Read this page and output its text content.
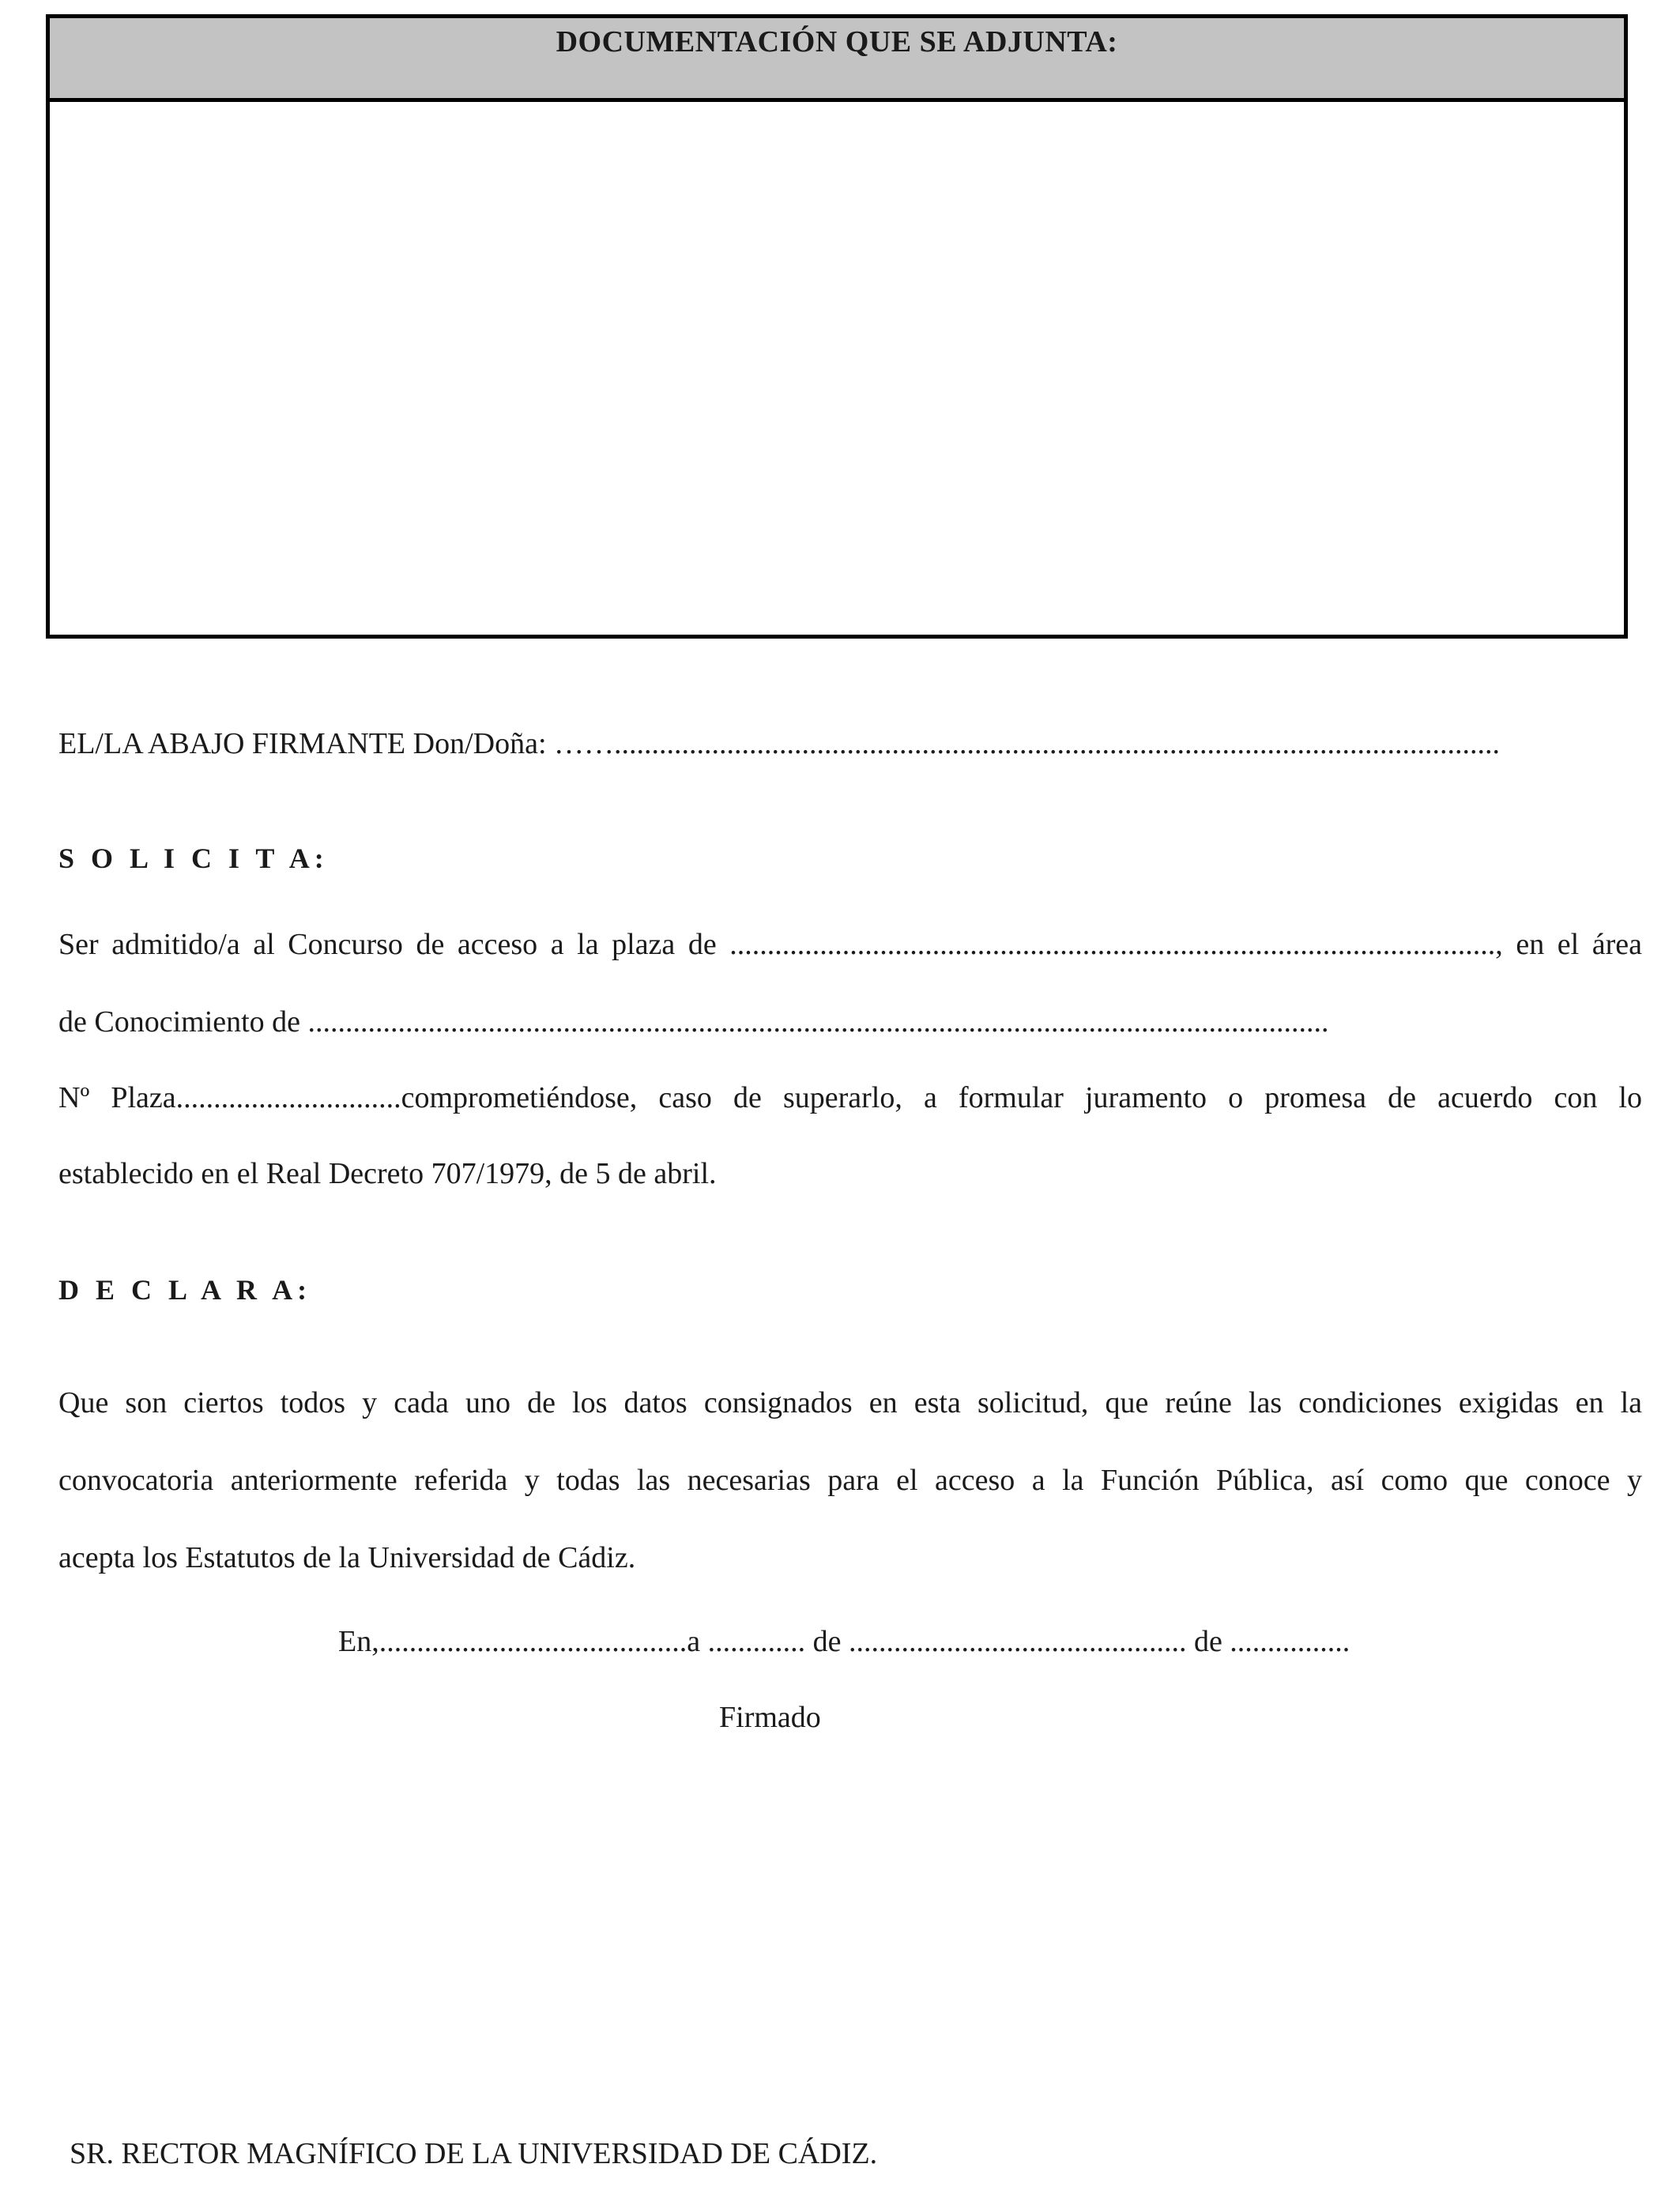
DOCUMENTACIÓN QUE SE ADJUNTA:
EL/LA ABAJO FIRMANTE Don/Doña: ……......................................................................................................................
S O L I C I T A:
Ser admitido/a al Concurso de acceso a la plaza de ......................................................................................................, en el área
de Conocimiento de ........................................................................................................................................
Nº Plaza..............................comprometiéndose, caso de superarlo, a formular juramento o promesa de acuerdo con lo
establecido en el Real Decreto 707/1979, de 5 de abril.
D E C L A R A:
Que son ciertos todos y cada uno de los datos consignados en esta solicitud, que reúne las condiciones exigidas en la
convocatoria anteriormente referida y todas las necesarias para el acceso a la Función Pública, así como que conoce y
acepta los Estatutos de la Universidad de Cádiz.
En,.........................................a ............. de ............................................. de ................
Firmado
SR. RECTOR MAGNÍFICO DE LA UNIVERSIDAD DE CÁDIZ.
